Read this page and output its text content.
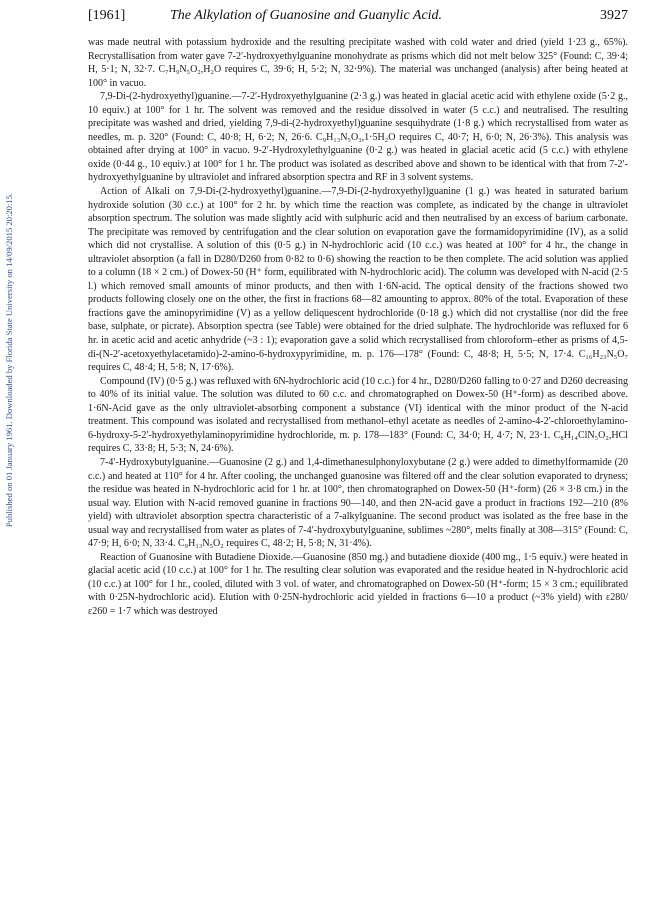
Published on 01 January 1961. Downloaded by Florida State University on 14/09/2015 20:20:15.
[1961]	The Alkylation of Guanosine and Guanylic Acid.	3927

was made neutral with potassium hydroxide and the resulting precipitate washed with cold water and dried (yield 1·23 g., 65%). Recrystallisation from water gave 7-2′-hydroxyethylguanine monohydrate as prisms which did not melt below 325° (Found: C, 39·4; H, 5·1; N, 32·7. C₇H₉N₅O₂,H₂O requires C, 39·6; H, 5·2; N, 32·9%). The material was unchanged (analysis) after being heated at 100° in vacuo.

7,9-Di-(2-hydroxyethyl)guanine.—7-2′-Hydroxyethylguanine (2·3 g.) was heated in glacial acetic acid with ethylene oxide (5·2 g., 10 equiv.) at 100° for 1 hr. The solvent was removed and the residue dissolved in water (5 c.c.) and neutralised. The resulting precipitate was washed and dried, yielding 7,9-di-(2-hydroxyethyl)guanine sesquihydrate (1·8 g.) which recrystallised from water as needles, m. p. 320° (Found: C, 40·8; H, 6·2; N, 26·6. C₉H₁₃N₅O₃,1·5H₂O requires C, 40·7; H, 6·0; N, 26·3%). This analysis was obtained after drying at 100° in vacuo. 9-2′-Hydroxylethylguanine (0·2 g.) was heated in glacial acetic acid (5 c.c.) with ethylene oxide (0·44 g., 10 equiv.) at 100° for 1 hr. The product was isolated as described above and shown to be identical with that from 7-2′-hydroxyethylguanine by ultraviolet and infrared absorption spectra and RF in 3 solvent systems.

Action of Alkali on 7,9-Di-(2-hydroxyethyl)guanine.—7,9-Di-(2-hydroxyethyl)guanine (1 g.) was heated in saturated barium hydroxide solution (30 c.c.) at 100° for 2 hr. by which time the reaction was complete, as indicated by the change in ultraviolet absorption spectrum. The solution was made slightly acid with sulphuric acid and then neutralised by an excess of barium carbonate. The precipitate was removed by centrifugation and the clear solution on evaporation gave the formamidopyrimidine (IV), as a solid which did not crystallise. A solution of this (0·5 g.) in N-hydrochloric acid (10 c.c.) was heated at 100° for 4 hr., the change in ultraviolet absorption (a fall in D280/D260 from 0·82 to 0·6) showing the reaction to be then complete. The acid solution was applied to a column (18 × 2 cm.) of Dowex-50 (H⁺ form, equilibrated with N-hydrochloric acid). The column was developed with N-acid (2·5 l.) which removed small amounts of minor products, and then with 1·6N-acid. The optical density of the fractions showed two products following closely one on the other, the first in fractions 68—82 amounting to approx. 80% of the total. Evaporation of these fractions gave the aminopyrimidine (V) as a yellow deliquescent hydrochloride (0·18 g.) which did not crystallise (nor did the free base, sulphate, or picrate). Absorption spectra (see Table) were obtained for the dried sulphate. The hydrochloride was refluxed for 6 hr. in acetic acid and acetic anhydride (~3 : 1); evaporation gave a solid which recrystallised from chloroform–ether as prisms of 4,5-di-(N-2′-acetoxyethylacetamido)-2-amino-6-hydroxypyrimidine, m. p. 176—178° (Found: C, 48·8; H, 5·5; N, 17·4. C₁₆H₂₃N₅O₇ requires C, 48·4; H, 5·8; N, 17·6%).

Compound (IV) (0·5 g.) was refluxed with 6N-hydrochloric acid (10 c.c.) for 4 hr., D280/D260 falling to 0·27 and D260 decreasing to 40% of its initial value. The solution was diluted to 60 c.c. and chromatographed on Dowex-50 (H⁺-form) as described above. 1·6N-Acid gave as the only ultraviolet-absorbing component a substance (VI) identical with the minor product of the N-acid treatment. This compound was isolated and recrystallised from methanol–ethyl acetate as needles of 2-amino-4-2′-chloroethylamino-6-hydroxy-5-2′-hydroxyethylaminopyrimidine hydrochloride, m. p. 178—183° (Found: C, 34·0; H, 4·7; N, 23·1. C₈H₁₄ClN₅O₂,HCl requires C, 33·8; H, 5·3; N, 24·6%).

7-4′-Hydroxybutylguanine.—Guanosine (2 g.) and 1,4-dimethanesulphonyloxybutane (2 g.) were added to dimethylformamide (20 c.c.) and heated at 110° for 4 hr. After cooling, the unchanged guanosine was filtered off and the clear solution evaporated to dryness; the residue was heated in N-hydrochloric acid for 1 hr. at 100°, then chromatographed on Dowex-50 (H⁺-form) (26 × 3·8 cm.) in the usual way. Elution with N-acid removed guanine in fractions 90—140, and then 2N-acid gave a product in fractions 192—210 (8% yield) with ultraviolet absorption spectra characteristic of a 7-alkylguanine. The second product was isolated as the free base in the usual way and recrystallised from water as plates of 7-4′-hydroxybutylguanine, sublimes ~280°, melts finally at 308—315° (Found: C, 47·9; H, 6·0; N, 33·4. C₉H₁₃N₅O₂ requires C, 48·2; H, 5·8; N, 31·4%).

Reaction of Guanosine with Butadiene Dioxide.—Guanosine (850 mg.) and butadiene dioxide (400 mg., 1·5 equiv.) were heated in glacial acetic acid (10 c.c.) at 100° for 1 hr. The resulting clear solution was evaporated and the residue heated in N-hydrochloric acid (10 c.c.) at 100° for 1 hr., cooled, diluted with 3 vol. of water, and chromatographed on Dowex-50 (H⁺-form; 15 × 3 cm.; equilibrated with 0·25N-hydrochloric acid). Elution with 0·25N-hydrochloric acid yielded in fractions 6—10 a product (~3% yield) with ε280/ε260 = 1·7 which was destroyed
